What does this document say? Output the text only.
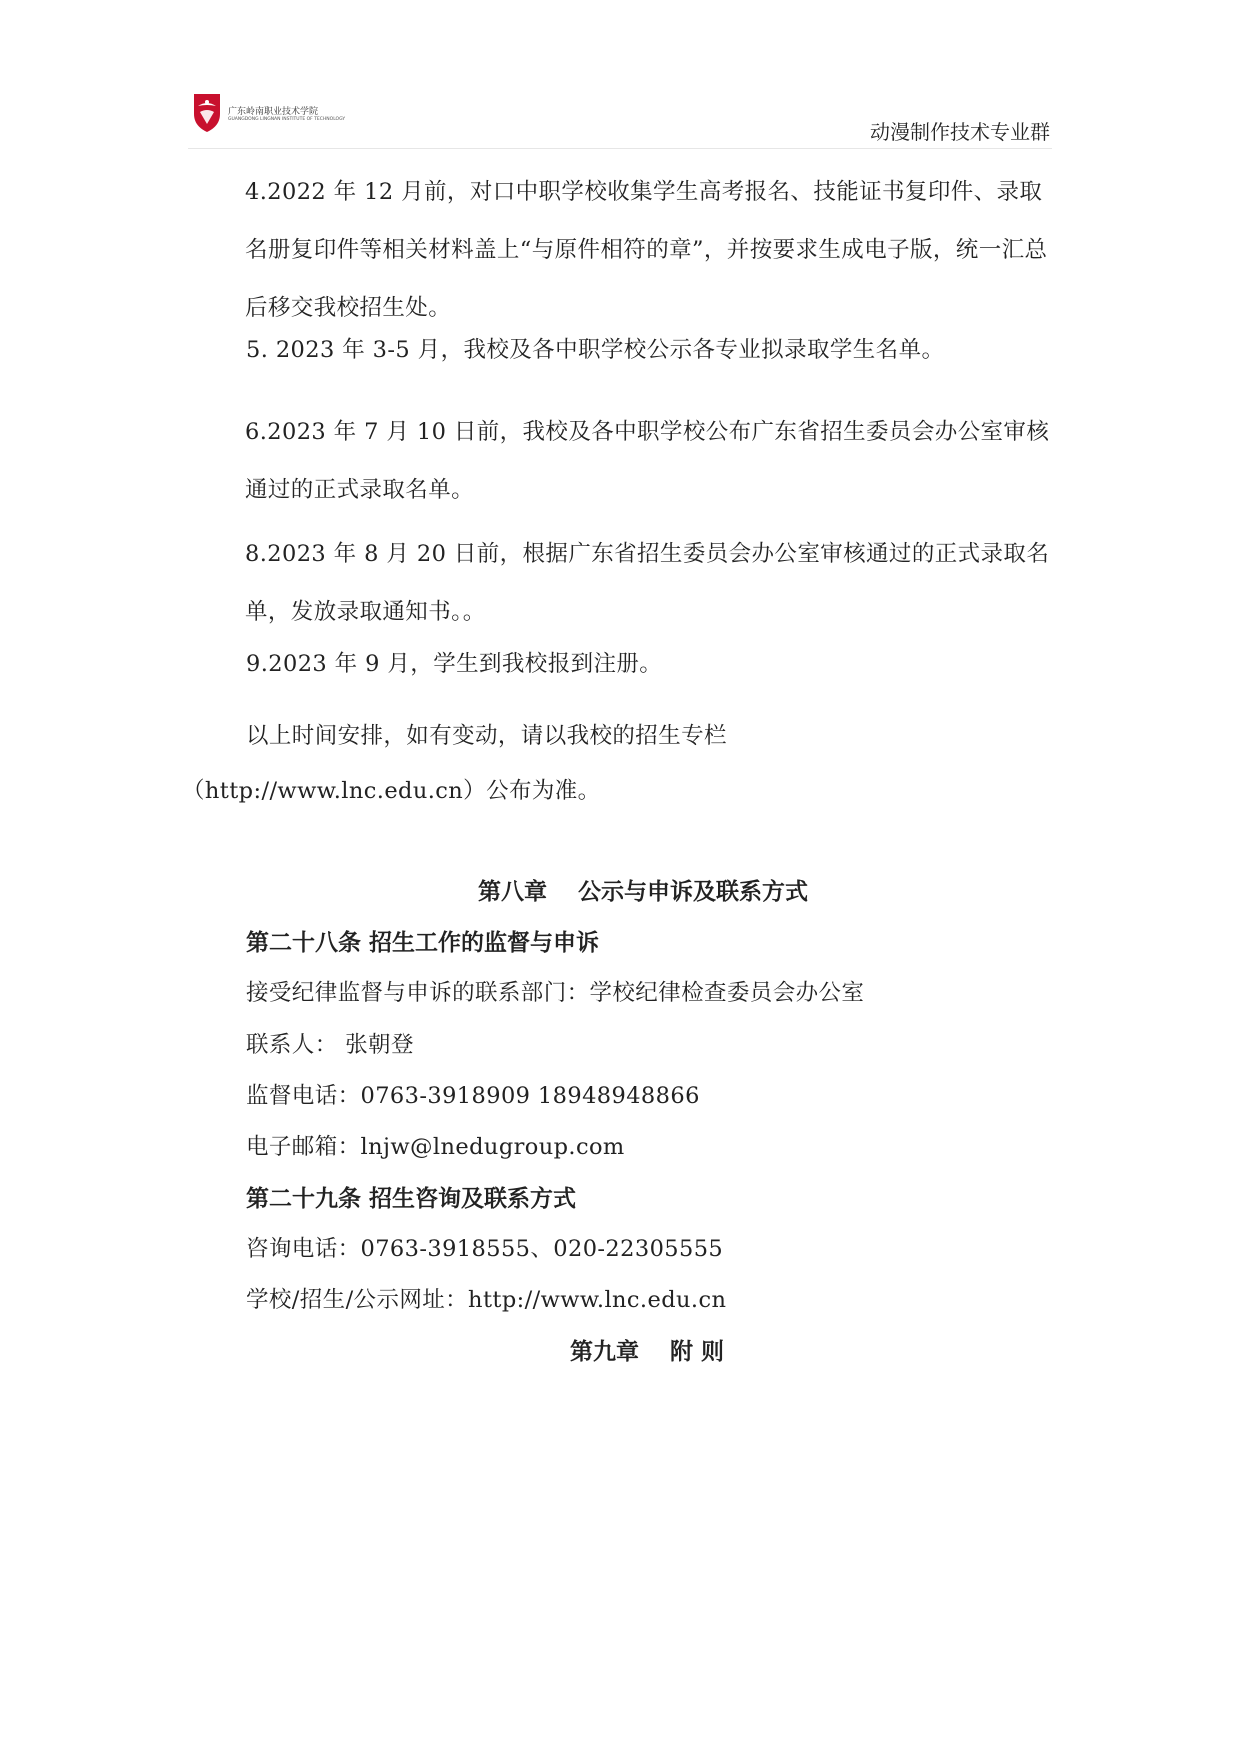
广东岭南职业技术学院
GUANGDONG LINGNAN INSTITUTE OF TECHNOLOGY
动漫制作技术专业群
4.2022 年 12 月前，对口中职学校收集学生高考报名、技能证书复印件、录取名册复印件等相关材料盖上“与原件相符的章”，并按要求生成电子版，统一汇总后移交我校招生处。
5. 2023 年 3-5 月，我校及各中职学校公示各专业拟录取学生名单。
6.2023 年 7 月 10 日前，我校及各中职学校公布广东省招生委员会办公室审核通过的正式录取名单。
8.2023 年 8 月 20 日前，根据广东省招生委员会办公室审核通过的正式录取名单，发放录取通知书。。
9.2023 年 9 月，学生到我校报到注册。
以上时间安排，如有变动，请以我校的招生专栏
（http://www.lnc.edu.cn）公布为准。
第八章　 公示与申诉及联系方式
第二十八条 招生工作的监督与申诉
接受纪律监督与申诉的联系部门：学校纪律检查委员会办公室
联系人： 张朝登
监督电话：0763-3918909 18948948866
电子邮箱：lnjw@lnedugroup.com
第二十九条 招生咨询及联系方式
咨询电话：0763-3918555、020-22305555
学校/招生/公示网址：http://www.lnc.edu.cn
第九章　 附 则
